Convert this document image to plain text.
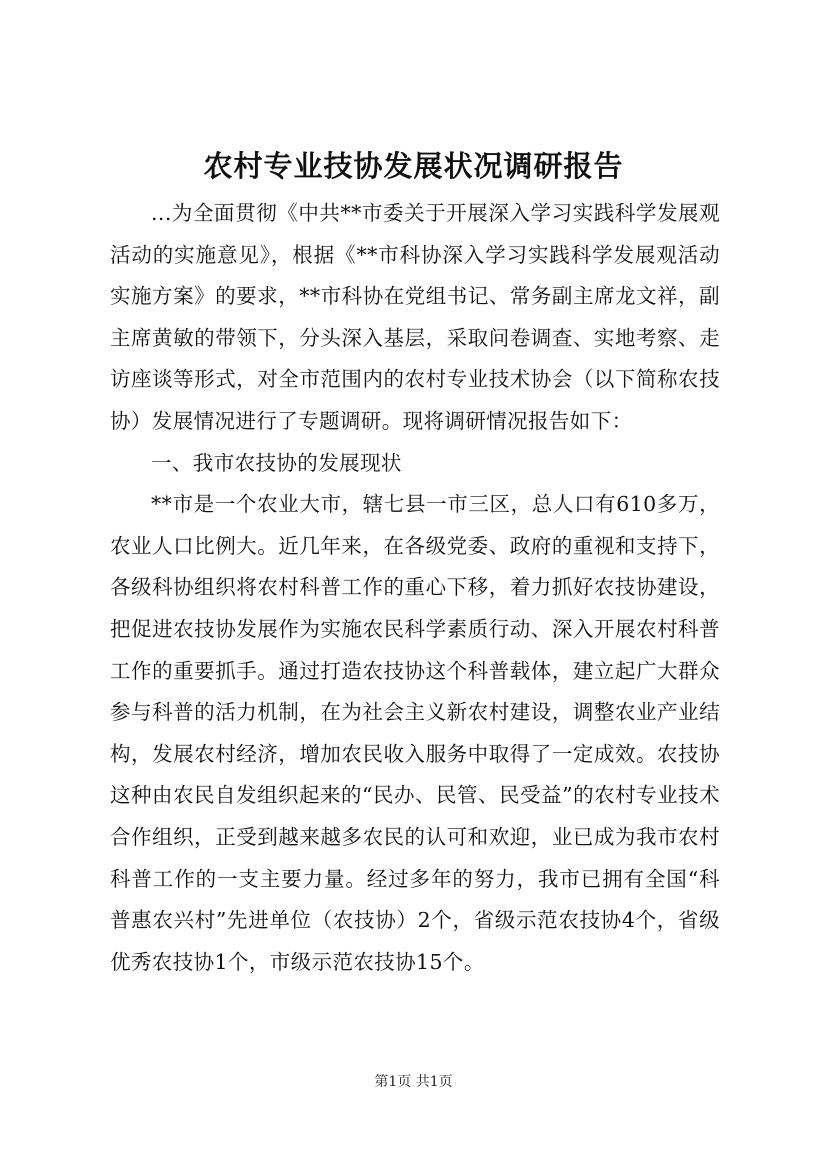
农村专业技协发展状况调研报告

...为全面贯彻《中共**市委关于开展深入学习实践科学发展观活动的实施意见》，根据《**市科协深入学习实践科学发展观活动实施方案》的要求，**市科协在党组书记、常务副主席龙文祥，副主席黄敏的带领下，分头深入基层，采取问卷调查、实地考察、走访座谈等形式，对全市范围内的农村专业技术协会（以下简称农技协）发展情况进行了专题调研。现将调研情况报告如下：

一、我市农技协的发展现状

**市是一个农业大市，辖七县一市三区，总人口有610多万，农业人口比例大。近几年来，在各级党委、政府的重视和支持下，各级科协组织将农村科普工作的重心下移，着力抓好农技协建设，把促进农技协发展作为实施农民科学素质行动、深入开展农村科普工作的重要抓手。通过打造农技协这个科普载体，建立起广大群众参与科普的活力机制，在为社会主义新农村建设，调整农业产业结构，发展农村经济，增加农民收入服务中取得了一定成效。农技协这种由农民自发组织起来的“民办、民管、民受益”的农村专业技术合作组织，正受到越来越多农民的认可和欢迎，业已成为我市农村科普工作的一支主要力量。经过多年的努力，我市已拥有全国“科普惠农兴村”先进单位（农技协）2个，省级示范农技协4个，省级优秀农技协1个，市级示范农技协15个。

第1页 共1页
